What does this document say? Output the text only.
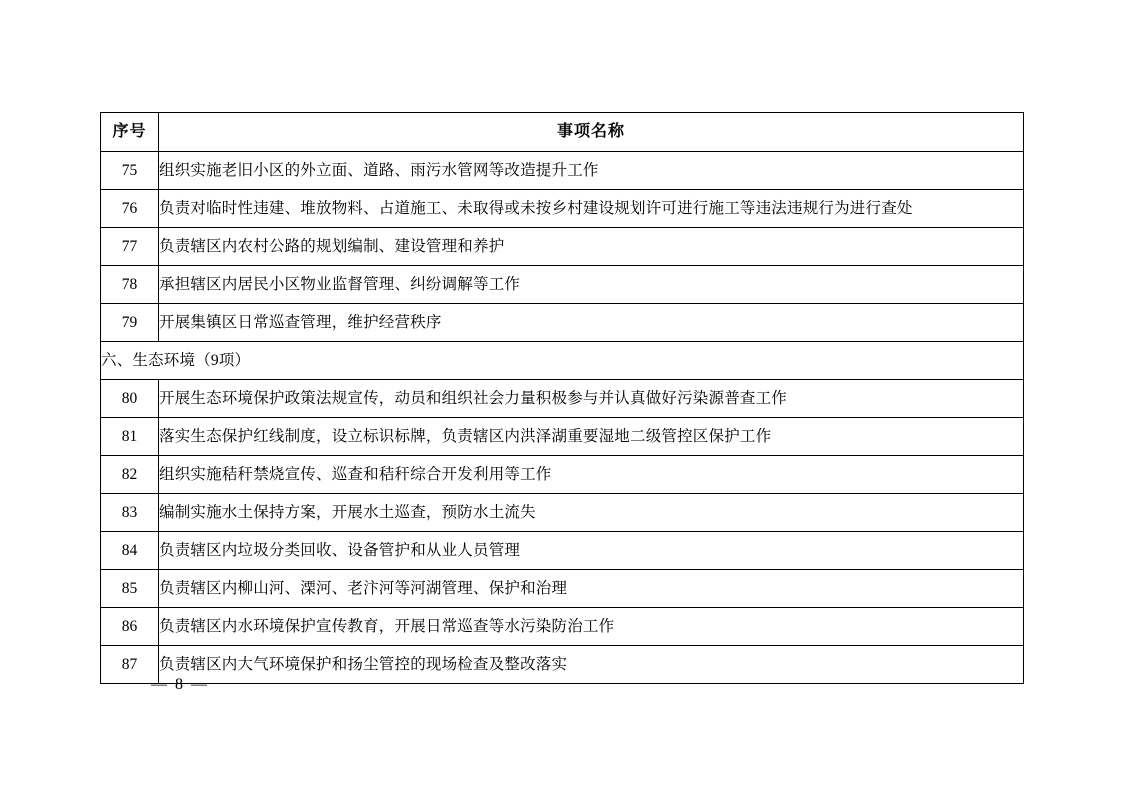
序号	事项名称
75	组织实施老旧小区的外立面、道路、雨污水管网等改造提升工作
76	负责对临时性违建、堆放物料、占道施工、未取得或未按乡村建设规划许可进行施工等违法违规行为进行查处
77	负责辖区内农村公路的规划编制、建设管理和养护
78	承担辖区内居民小区物业监督管理、纠纷调解等工作
79	开展集镇区日常巡查管理，维护经营秩序
六、生态环境（9项）	
80	开展生态环境保护政策法规宣传，动员和组织社会力量积极参与并认真做好污染源普查工作
81	落实生态保护红线制度，设立标识标牌，负责辖区内洪泽湖重要湿地二级管控区保护工作
82	组织实施秸秆禁烧宣传、巡查和秸秆综合开发利用等工作
83	编制实施水土保持方案，开展水土巡查，预防水土流失
84	负责辖区内垃圾分类回收、设备管护和从业人员管理
85	负责辖区内柳山河、溧河、老汴河等河湖管理、保护和治理
86	负责辖区内水环境保护宣传教育，开展日常巡查等水污染防治工作
87	负责辖区内大气环境保护和扬尘管控的现场检查及整改落实
— 8 —
